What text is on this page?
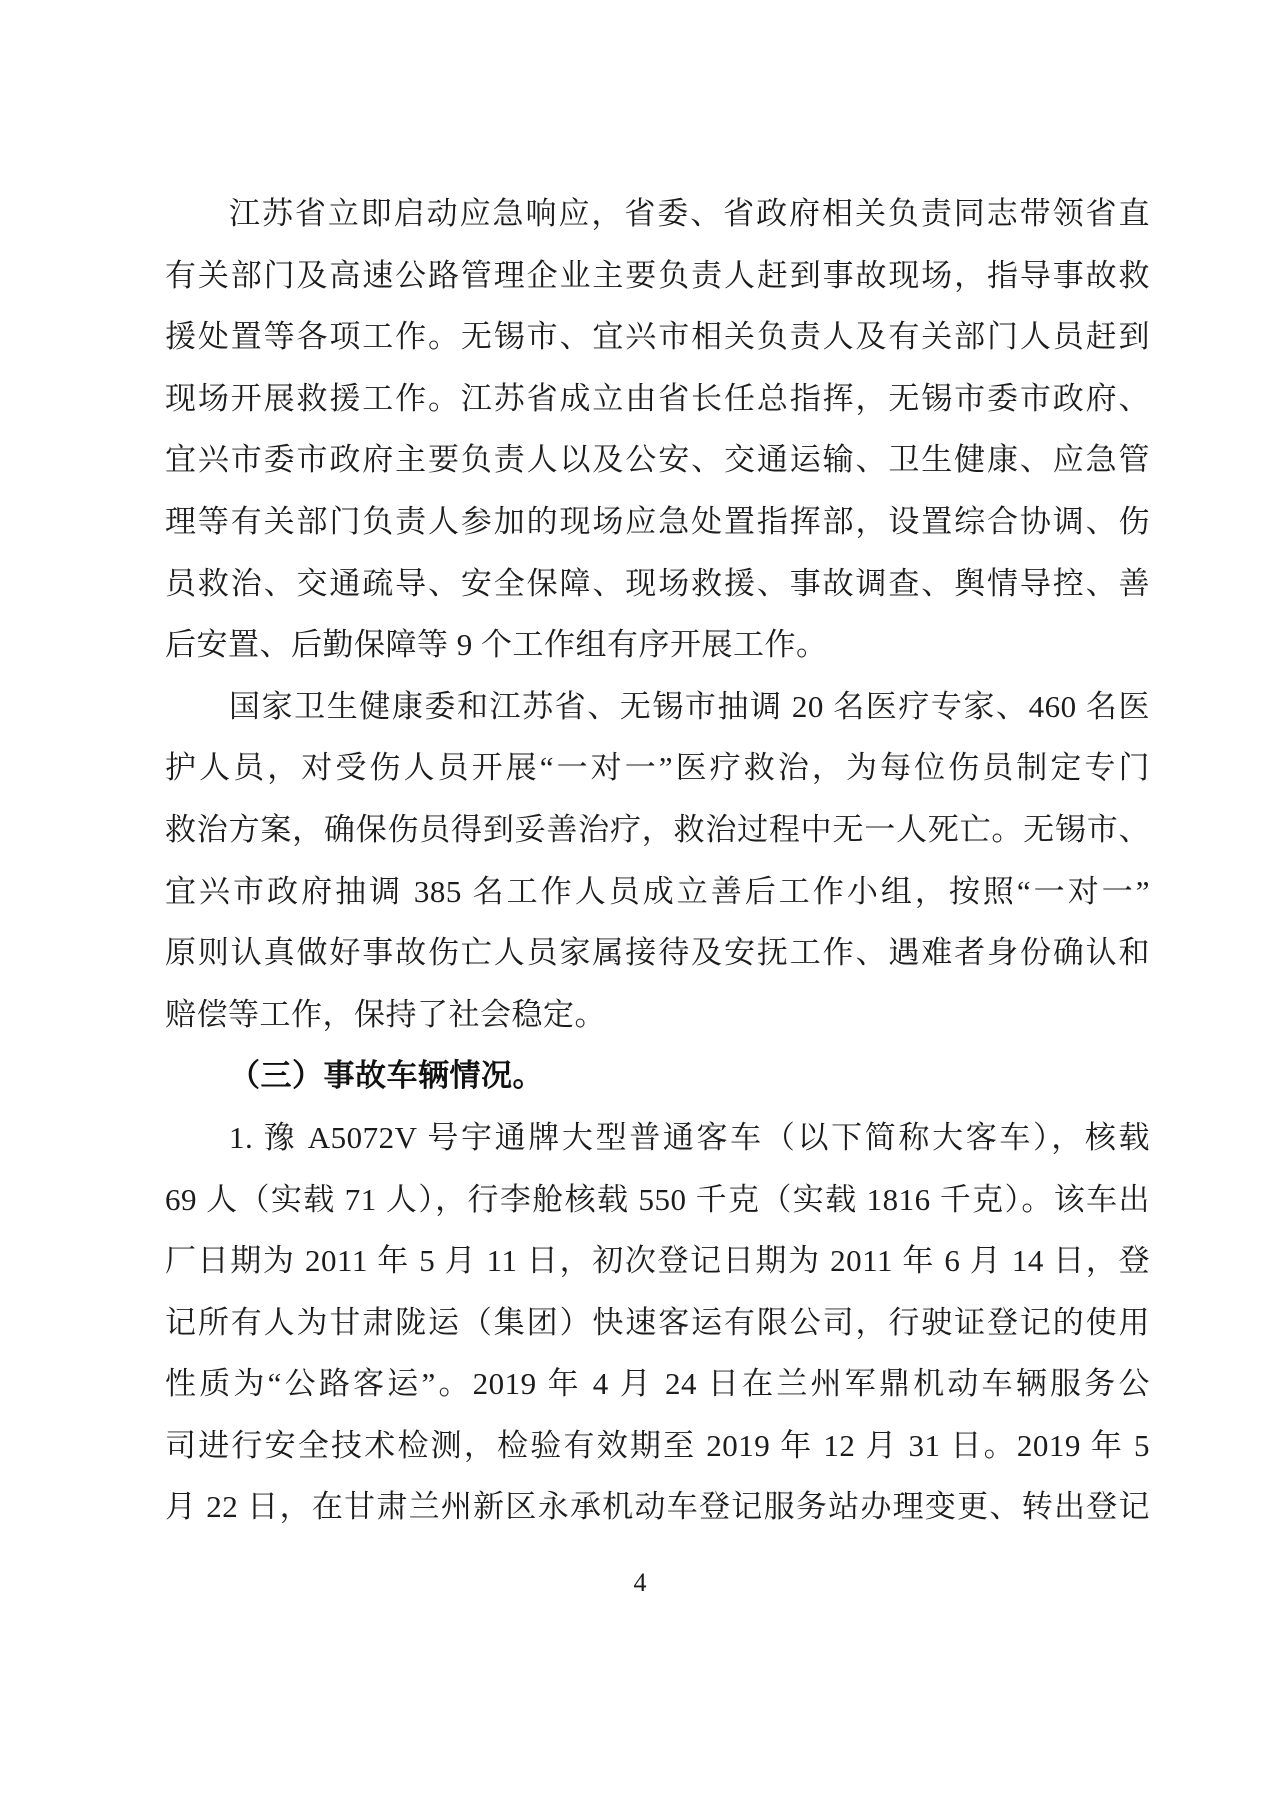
江苏省立即启动应急响应，省委、省政府相关负责同志带领省直
有关部门及高速公路管理企业主要负责人赶到事故现场，指导事故救
援处置等各项工作。无锡市、宜兴市相关负责人及有关部门人员赶到
现场开展救援工作。江苏省成立由省长任总指挥，无锡市委市政府、
宜兴市委市政府主要负责人以及公安、交通运输、卫生健康、应急管
理等有关部门负责人参加的现场应急处置指挥部，设置综合协调、伤
员救治、交通疏导、安全保障、现场救援、事故调查、舆情导控、善
后安置、后勤保障等 9 个工作组有序开展工作。
国家卫生健康委和江苏省、无锡市抽调 20 名医疗专家、460 名医
护人员，对受伤人员开展“一对一”医疗救治，为每位伤员制定专门
救治方案，确保伤员得到妥善治疗，救治过程中无一人死亡。无锡市、
宜兴市政府抽调 385 名工作人员成立善后工作小组，按照“一对一”
原则认真做好事故伤亡人员家属接待及安抚工作、遇难者身份确认和
赔偿等工作，保持了社会稳定。
（三）事故车辆情况。
1. 豫 A5072V 号宇通牌大型普通客车（以下简称大客车），核载
69 人（实载 71 人），行李舱核载 550 千克（实载 1816 千克）。该车出
厂日期为 2011 年 5 月 11 日，初次登记日期为 2011 年 6 月 14 日，登
记所有人为甘肃陇运（集团）快速客运有限公司，行驶证登记的使用
性质为“公路客运”。2019 年 4 月 24 日在兰州军鼎机动车辆服务公
司进行安全技术检测，检验有效期至 2019 年 12 月 31 日。2019 年 5
月 22 日，在甘肃兰州新区永承机动车登记服务站办理变更、转出登记
4
